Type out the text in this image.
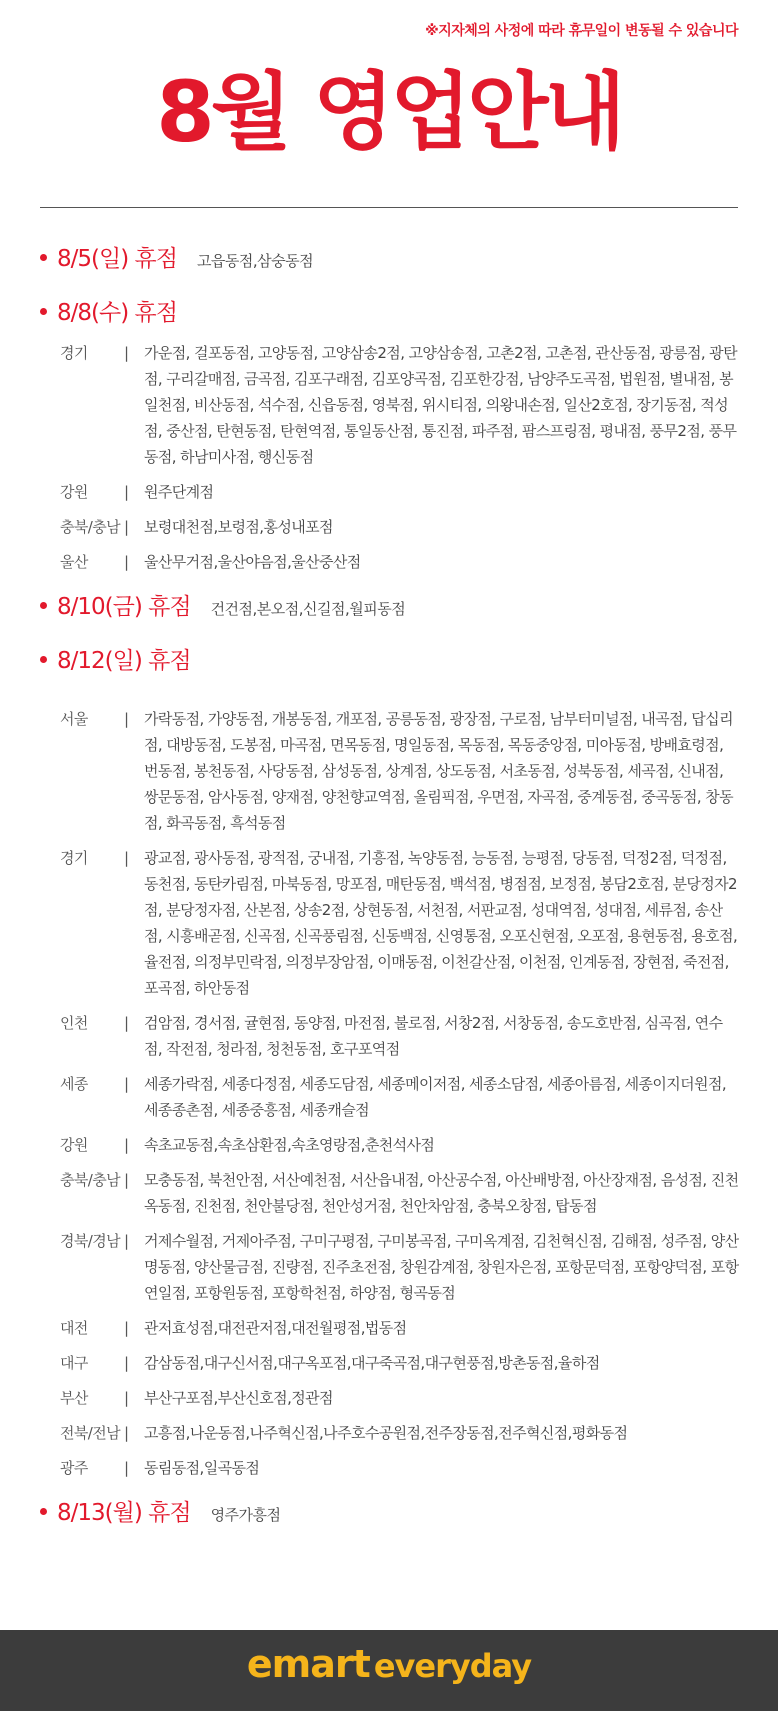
※지자체의 사정에 따라 휴무일이 변동될 수 있습니다
8월 영업안내
8/5(일) 휴점 고읍동점,삼숭동점
8/8(수) 휴점
경기	|	가운점, 걸포동점, 고양동점, 고양삼송2점, 고양삼송점, 고촌2점, 고촌점, 관산동점, 광릉점, 광탄점, 구리갈매점, 금곡점, 김포구래점, 김포양곡점, 김포한강점, 남양주도곡점, 법원점, 별내점, 봉일천점, 비산동점, 석수점, 신읍동점, 영북점, 위시티점, 의왕내손점, 일산2호점, 장기동점, 적성점, 중산점, 탄현동점, 탄현역점, 통일동산점, 통진점, 파주점, 팜스프링점, 평내점, 풍무2점, 풍무동점, 하남미사점, 행신동점
강원	|	원주단계점
충북/충남 |	보령대천점,보령점,홍성내포점
울산	|	울산무거점,울산야음점,울산중산점
8/10(금) 휴점 건건점,본오점,신길점,월피동점
8/12(일) 휴점
서울	|	가락동점, 가양동점, 개봉동점, 개포점, 공릉동점, 광장점, 구로점, 남부터미널점, 내곡점, 답십리점, 대방동점, 도봉점, 마곡점, 면목동점, 명일동점, 목동점, 목동중앙점, 미아동점, 방배효령점, 번동점, 봉천동점, 사당동점, 삼성동점, 상계점, 상도동점, 서초동점, 성북동점, 세곡점, 신내점, 쌍문동점, 암사동점, 양재점, 양천향교역점, 올림픽점, 우면점, 자곡점, 중계동점, 중곡동점, 창동점, 화곡동점, 흑석동점
경기	|	광교점, 광사동점, 광적점, 궁내점, 기흥점, 녹양동점, 능동점, 능평점, 당동점, 덕정2점, 덕정점, 동천점, 동탄카림점, 마북동점, 망포점, 매탄동점, 백석점, 병점점, 보정점, 봉담2호점, 분당정자2점, 분당정자점, 산본점, 상송2점, 상현동점, 서천점, 서판교점, 성대역점, 성대점, 세류점, 송산점, 시흥배곧점, 신곡점, 신곡풍림점, 신동백점, 신영통점, 오포신현점, 오포점, 용현동점, 용호점, 율전점, 의정부민락점, 의정부장암점, 이매동점, 이천갈산점, 이천점, 인계동점, 장현점, 죽전점, 포곡점, 하안동점
인천	|	검암점, 경서점, 귤현점, 동양점, 마전점, 불로점, 서창2점, 서창동점, 송도호반점, 심곡점, 연수점, 작전점, 청라점, 청천동점, 호구포역점
세종	|	세종가락점, 세종다정점, 세종도담점, 세종메이저점, 세종소담점, 세종아름점, 세종이지더원점, 세종종촌점, 세종중흥점, 세종캐슬점
강원	|	속초교동점,속초삼환점,속초영랑점,춘천석사점
충북/충남 |	모충동점, 북천안점, 서산예천점, 서산읍내점, 아산공수점, 아산배방점, 아산장재점, 음성점, 진천옥동점, 진천점, 천안불당점, 천안성거점, 천안차암점, 충북오창점, 탑동점
경북/경남 |	거제수월점, 거제아주점, 구미구평점, 구미봉곡점, 구미옥계점, 김천혁신점, 김해점, 성주점, 양산명동점, 양산물금점, 진량점, 진주초전점, 창원감계점, 창원자은점, 포항문덕점, 포항양덕점, 포항연일점, 포항원동점, 포항학천점, 하양점, 형곡동점
대전	|	관저효성점,대전관저점,대전월평점,법동점
대구	|	감삼동점,대구신서점,대구옥포점,대구죽곡점,대구현풍점,방촌동점,율하점
부산	|	부산구포점,부산신호점,정관점
전북/전남 |	고흥점,나운동점,나주혁신점,나주호수공원점,전주장동점,전주혁신점,평화동점
광주	|	동림동점,일곡동점
8/13(월) 휴점 영주가흥점
emart everyday
